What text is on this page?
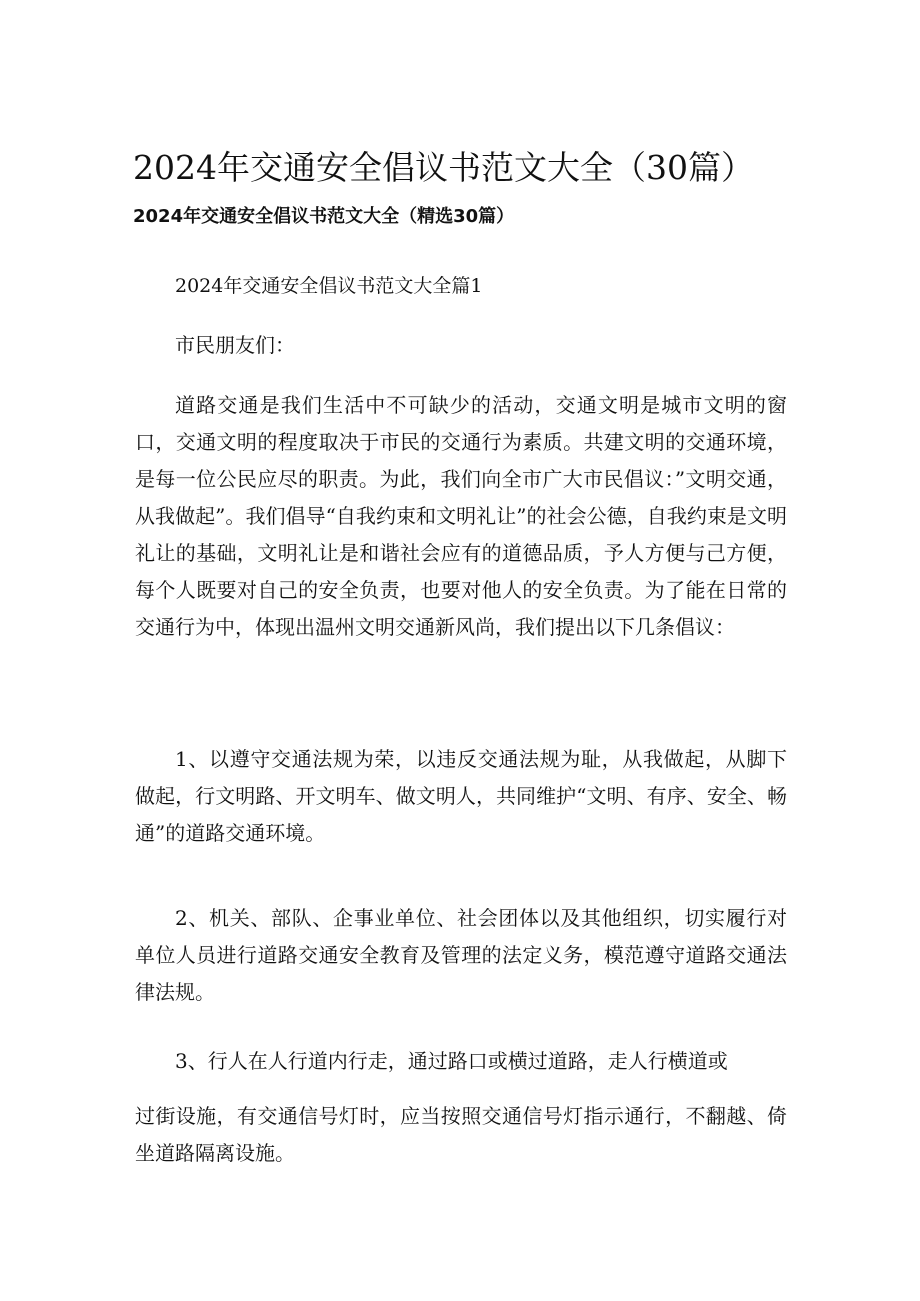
2024年交通安全倡议书范文大全（30篇）

2024年交通安全倡议书范文大全（精选30篇）

2024年交通安全倡议书范文大全篇1

市民朋友们：

道路交通是我们生活中不可缺少的活动，交通文明是城市文明的窗口，交通文明的程度取决于市民的交通行为素质。共建文明的交通环境，是每一位公民应尽的职责。为此，我们向全市广大市民倡议：”文明交通，从我做起”。我们倡导“自我约束和文明礼让”的社会公德，自我约束是文明礼让的基础，文明礼让是和谐社会应有的道德品质，予人方便与己方便，每个人既要对自己的安全负责，也要对他人的安全负责。为了能在日常的交通行为中，体现出温州文明交通新风尚，我们提出以下几条倡议：

1、以遵守交通法规为荣，以违反交通法规为耻，从我做起，从脚下做起，行文明路、开文明车、做文明人，共同维护“文明、有序、安全、畅通”的道路交通环境。

2、机关、部队、企事业单位、社会团体以及其他组织，切实履行对单位人员进行道路交通安全教育及管理的法定义务，模范遵守道路交通法律法规。

3、行人在人行道内行走，通过路口或横过道路，走人行横道或

过街设施，有交通信号灯时，应当按照交通信号灯指示通行，不翻越、倚坐道路隔离设施。
